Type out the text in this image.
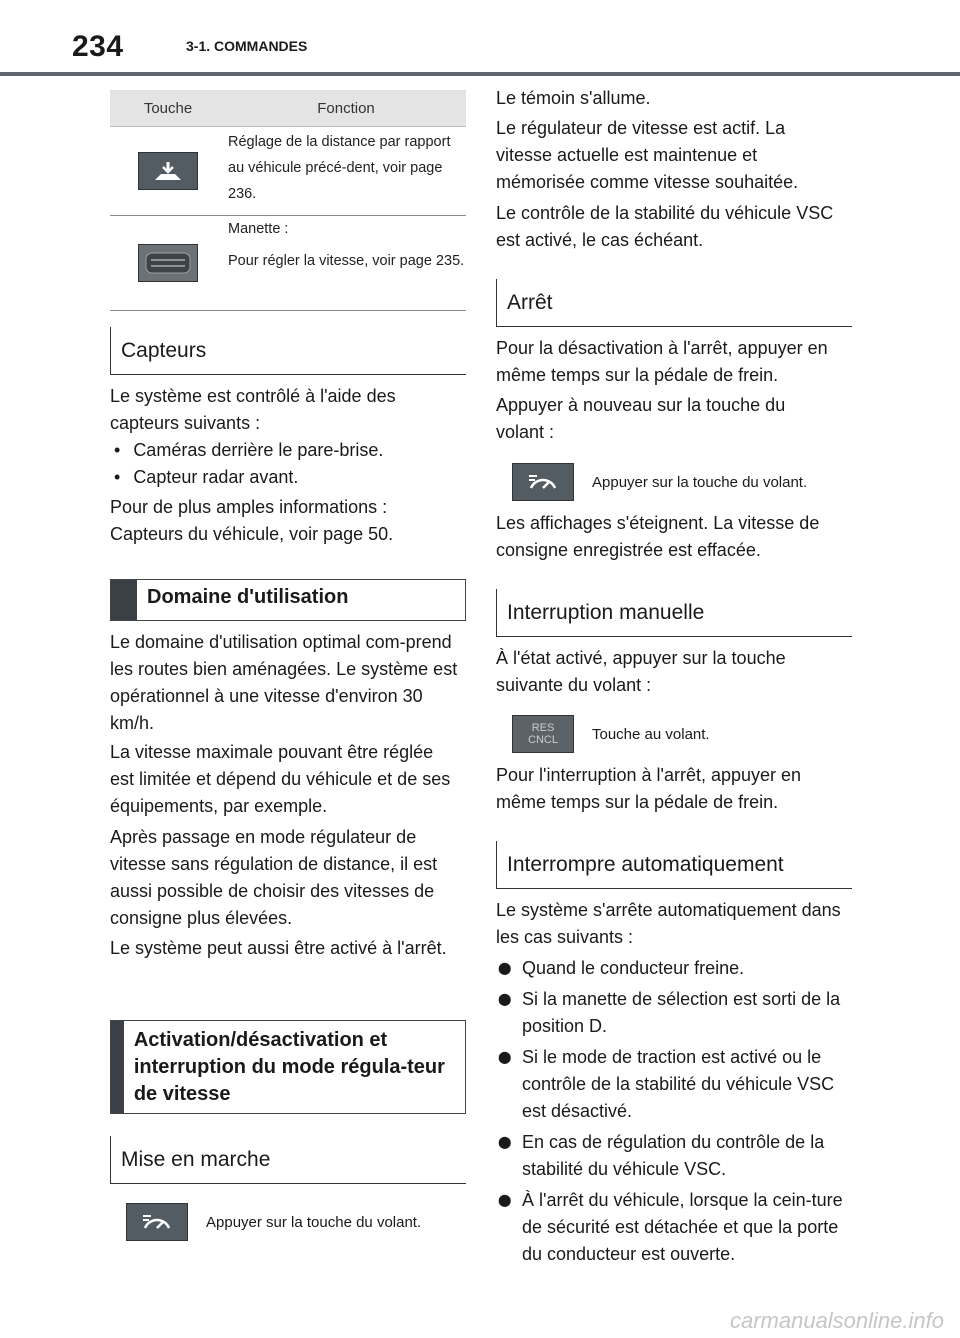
234	3-1. COMMANDES
Touche	Fonction
Réglage de la distance par rapport au véhicule précé-dent, voir page 236.
Manette :
Pour régler la vitesse, voir page 235.
Capteurs
Le système est contrôlé à l'aide des capteurs suivants :
• Caméras derrière le pare-brise.
• Capteur radar avant.
Pour de plus amples informations : Capteurs du véhicule, voir page 50.
Domaine d'utilisation
Le domaine d'utilisation optimal com-prend les routes bien aménagées. Le système est opérationnel à une vitesse d'environ 30 km/h.
La vitesse maximale pouvant être réglée est limitée et dépend du véhicule et de ses équipements, par exemple.
Après passage en mode régulateur de vitesse sans régulation de distance, il est aussi possible de choisir des vitesses de consigne plus élevées.
Le système peut aussi être activé à l'arrêt.
Activation/désactivation et interruption du mode régula-teur de vitesse
Mise en marche
Appuyer sur la touche du volant.
Le témoin s'allume.
Le régulateur de vitesse est actif. La vitesse actuelle est maintenue et mémorisée comme vitesse souhaitée.
Le contrôle de la stabilité du véhicule VSC est activé, le cas échéant.
Arrêt
Pour la désactivation à l'arrêt, appuyer en même temps sur la pédale de frein.
Appuyer à nouveau sur la touche du volant :
Appuyer sur la touche du volant.
Les affichages s'éteignent. La vitesse de consigne enregistrée est effacée.
Interruption manuelle
À l'état activé, appuyer sur la touche suivante du volant :
RES
CNCL Touche au volant.
Pour l'interruption à l'arrêt, appuyer en même temps sur la pédale de frein.
Interrompre automatiquement
Le système s'arrête automatiquement dans les cas suivants :
⬤ Quand le conducteur freine.
⬤ Si la manette de sélection est sorti de la position D.
⬤ Si le mode de traction est activé ou le contrôle de la stabilité du véhicule VSC est désactivé.
⬤ En cas de régulation du contrôle de la stabilité du véhicule VSC.
⬤ À l'arrêt du véhicule, lorsque la cein-ture de sécurité est détachée et que la porte du conducteur est ouverte.
carmanualsonline.info
